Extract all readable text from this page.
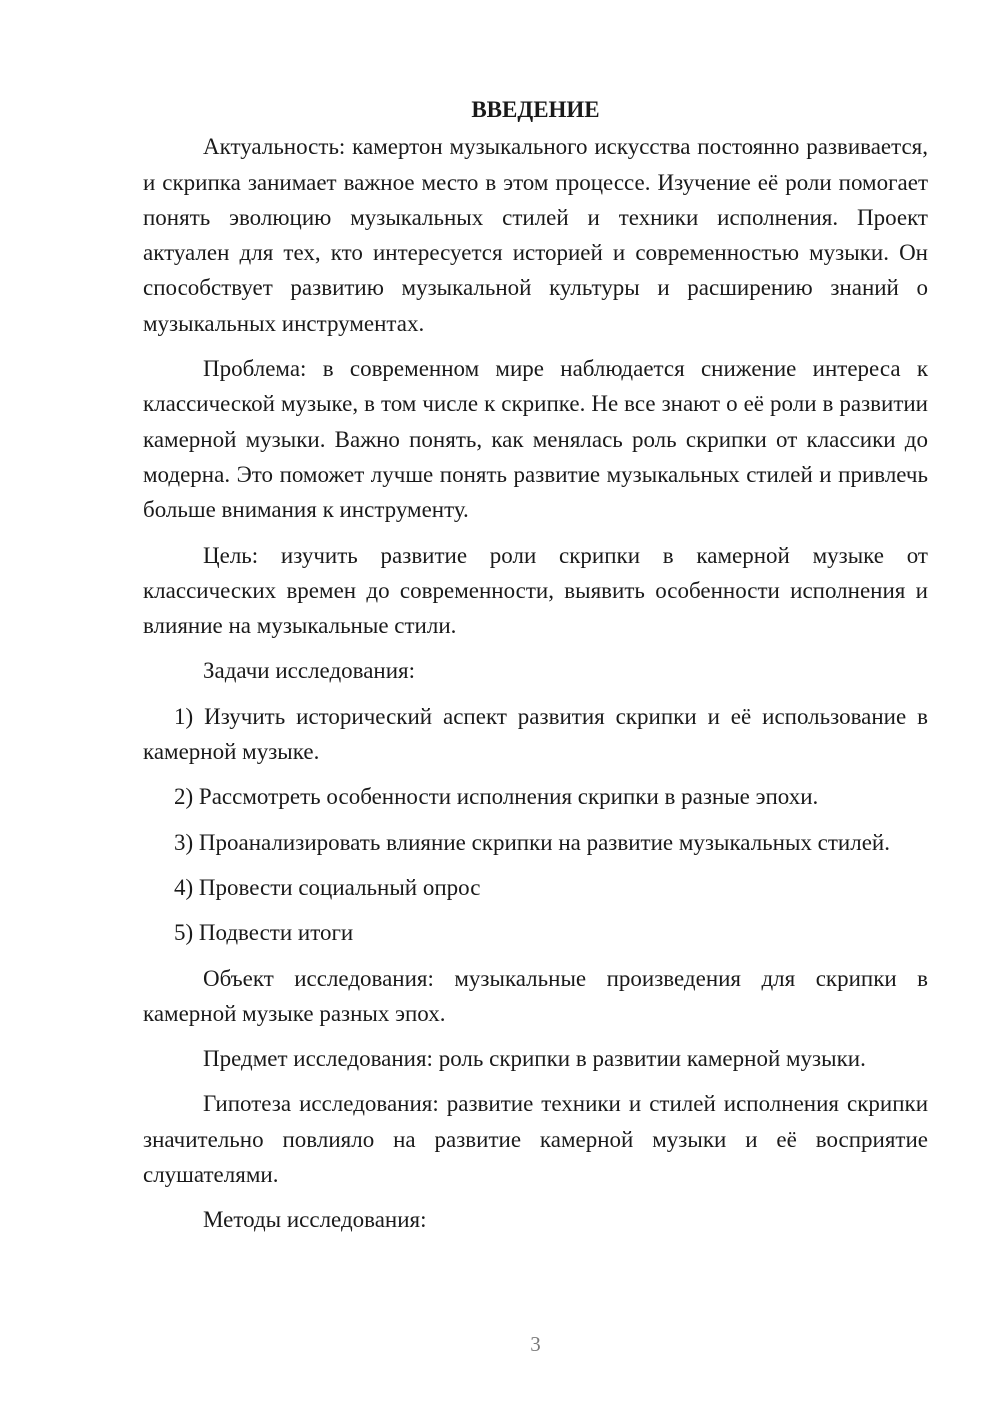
ВВЕДЕНИЕ

Актуальность: камертон музыкального искусства постоянно развивается, и скрипка занимает важное место в этом процессе. Изучение её роли помогает понять эволюцию музыкальных стилей и техники исполнения. Проект актуален для тех, кто интересуется историей и современностью музыки. Он способствует развитию музыкальной культуры и расширению знаний о музыкальных инструментах.

Проблема: в современном мире наблюдается снижение интереса к классической музыке, в том числе к скрипке. Не все знают о её роли в развитии камерной музыки. Важно понять, как менялась роль скрипки от классики до модерна. Это поможет лучше понять развитие музыкальных стилей и привлечь больше внимания к инструменту.

Цель: изучить развитие роли скрипки в камерной музыке от классических времен до современности, выявить особенности исполнения и влияние на музыкальные стили.

Задачи исследования:

1) Изучить исторический аспект развития скрипки и её использование в камерной музыке.

2) Рассмотреть особенности исполнения скрипки в разные эпохи.

3) Проанализировать влияние скрипки на развитие музыкальных стилей.

4) Провести социальный опрос

5) Подвести итоги

Объект исследования: музыкальные произведения для скрипки в камерной музыке разных эпох.

Предмет исследования: роль скрипки в развитии камерной музыки.

Гипотеза исследования: развитие техники и стилей исполнения скрипки значительно повлияло на развитие камерной музыки и её восприятие слушателями.

Методы исследования:

3
